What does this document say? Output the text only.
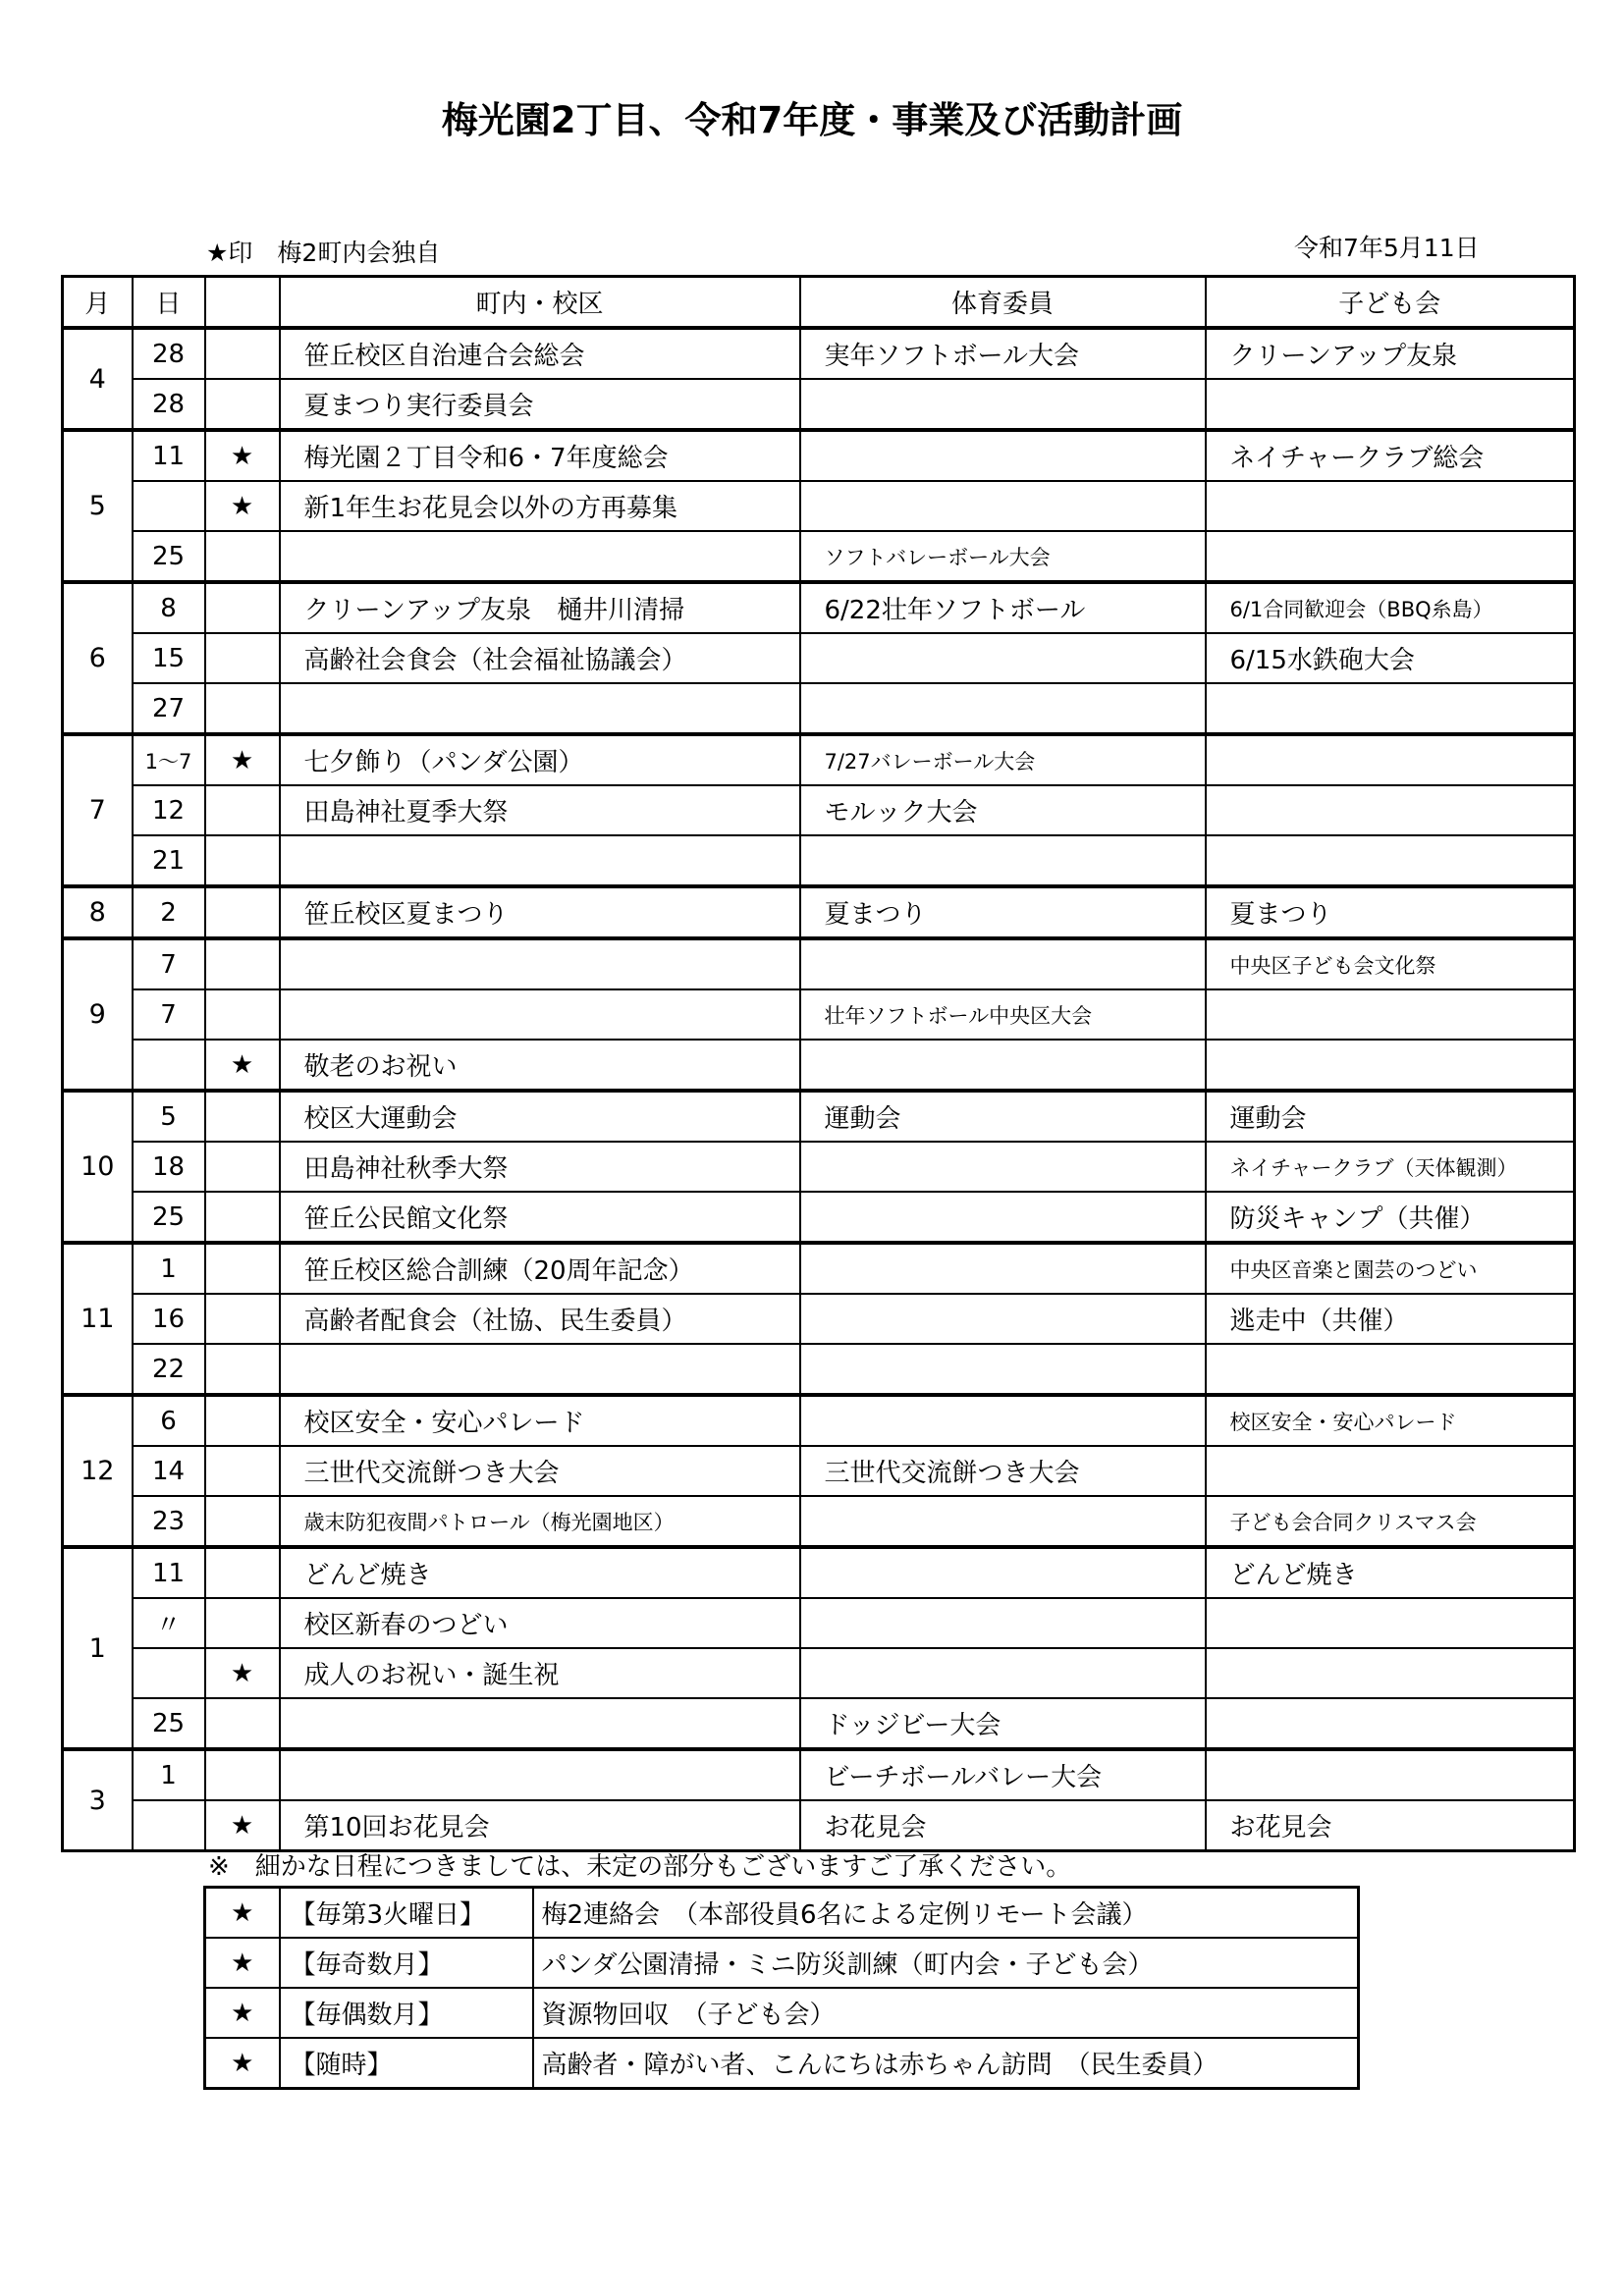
梅光園2丁目、令和7年度・事業及び活動計画
★印　梅2町内会独自	令和7年5月11日
月	日		町内・校区	体育委員	子ども会
4	28		笹丘校区自治連合会総会	実年ソフトボール大会	クリーンアップ友泉
	28		夏まつり実行委員会		
5	11	★	梅光園２丁目令和6・7年度総会		ネイチャークラブ総会
		★	新1年生お花見会以外の方再募集		
	25			ソフトバレーボール大会	
6	8		クリーンアップ友泉　樋井川清掃	6/22壮年ソフトボール	6/1合同歓迎会（BBQ糸島）
	15		高齢社会食会（社会福祉協議会）		6/15水鉄砲大会
	27				
7	1～7	★	七夕飾り（パンダ公園）	7/27バレーボール大会	
	12		田島神社夏季大祭	モルック大会	
	21				
8	2		笹丘校区夏まつり	夏まつり	夏まつり
9	7				中央区子ども会文化祭
	7			壮年ソフトボール中央区大会	
		★	敬老のお祝い		
10	5		校区大運動会	運動会	運動会
	18		田島神社秋季大祭		ネイチャークラブ（天体観測）
	25		笹丘公民館文化祭		防災キャンプ（共催）
11	1		笹丘校区総合訓練（20周年記念）		中央区音楽と園芸のつどい
	16		高齢者配食会（社協、民生委員）		逃走中（共催）
	22				
12	6		校区安全・安心パレード		校区安全・安心パレード
	14		三世代交流餅つき大会	三世代交流餅つき大会	
	23		歳末防犯夜間パトロール（梅光園地区）		子ども会合同クリスマス会
1	11		どんど焼き		どんど焼き
	〃		校区新春のつどい		
		★	成人のお祝い・誕生祝		
	25			ドッジビー大会	
3	1			ビーチボールバレー大会	
		★	第10回お花見会	お花見会	お花見会
※　細かな日程につきましては、未定の部分もございますご了承ください。
★	【毎第3火曜日】	梅2連絡会　（本部役員6名による定例リモート会議）
★	【毎奇数月】	パンダ公園清掃・ミニ防災訓練（町内会・子ども会）
★	【毎偶数月】	資源物回収　（子ども会）
★	【随時】	高齢者・障がい者、こんにちは赤ちゃん訪問　（民生委員）
